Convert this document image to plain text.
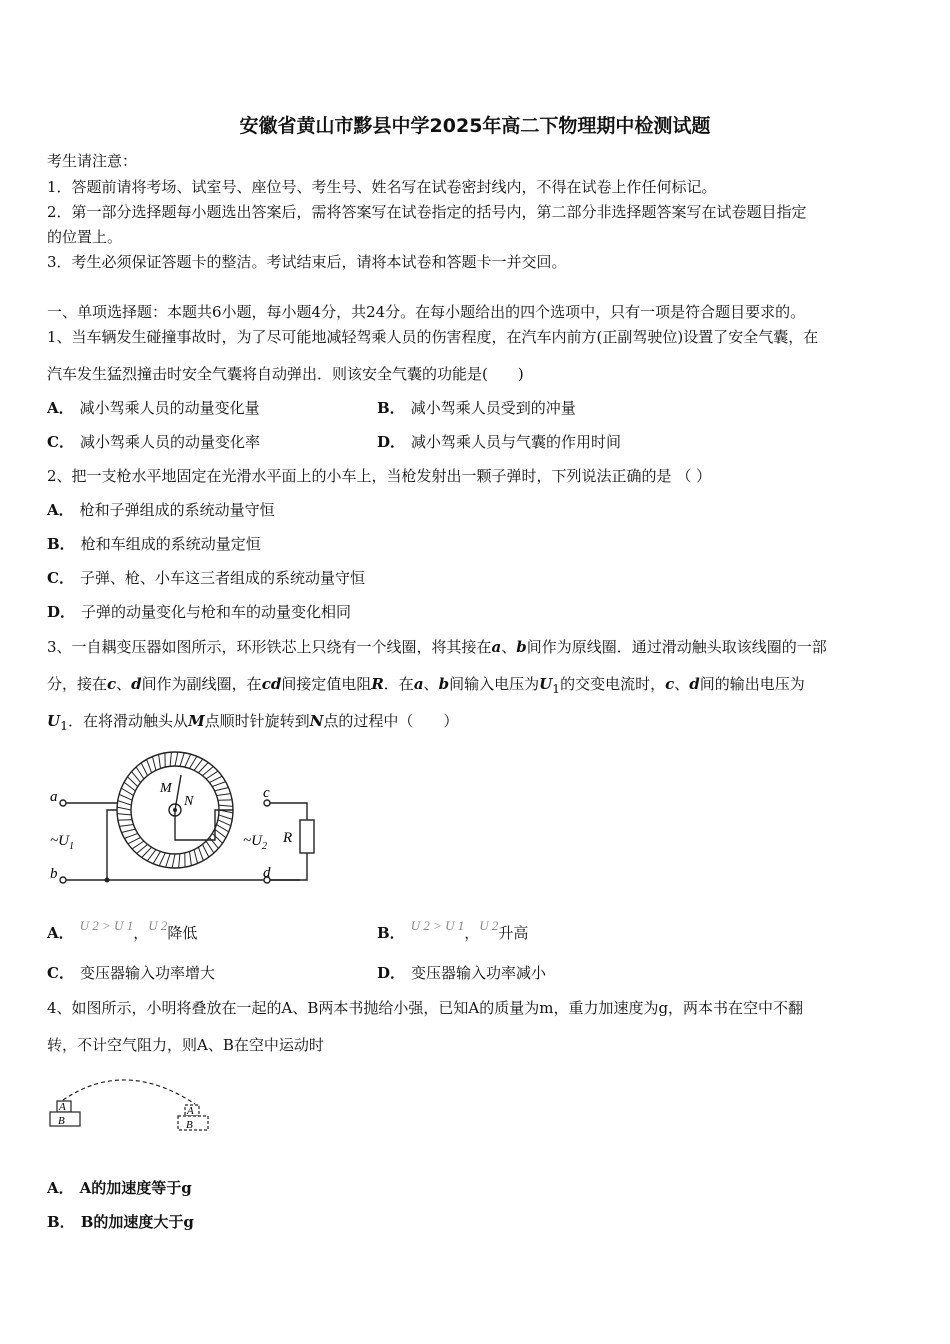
安徽省黄山市黟县中学2025年高二下物理期中检测试题
考生请注意：
1．答题前请将考场、试室号、座位号、考生号、姓名写在试卷密封线内，不得在试卷上作任何标记。
2．第一部分选择题每小题选出答案后，需将答案写在试卷指定的括号内，第二部分非选择题答案写在试卷题目指定
的位置上。
3．考生必须保证答题卡的整洁。考试结束后，请将本试卷和答题卡一并交回。
一、单项选择题：本题共6小题，每小题4分，共24分。在每小题给出的四个选项中，只有一项是符合题目要求的。
1、当车辆发生碰撞事故时，为了尽可能地减轻驾乘人员的伤害程度，在汽车内前方(正副驾驶位)设置了安全气囊，在
汽车发生猛烈撞击时安全气囊将自动弹出．则该安全气囊的功能是(　　)
A． 减小驾乘人员的动量变化量	B． 减小驾乘人员受到的冲量
C． 减小驾乘人员的动量变化率	D． 减小驾乘人员与气囊的作用时间
2、把一支枪水平地固定在光滑水平面上的小车上，当枪发射出一颗子弹时，下列说法正确的是 （ ）
A． 枪和子弹组成的系统动量守恒
B． 枪和车组成的系统动量定恒
C． 子弹、枪、小车这三者组成的系统动量守恒
D． 子弹的动量变化与枪和车的动量变化相同
3、一自耦变压器如图所示，环形铁芯上只绕有一个线圈，将其接在a、b间作为原线圈．通过滑动触头取该线圈的一部
分，接在c、d间作为副线圈，在cd间接定值电阻R．在a、b间输入电压为$U_1$的交变电流时，c、d间的输出电压为
$U_1$．在将滑动触头从M点顺时针旋转到N点的过程中（　　）
a
b
c
d
M
N
R
$\sim U_1$	$\sim U_2$
A． U 2 > U 1，U 2降低	B． U 2 > U 1，U 2升高
C． 变压器输入功率增大	D． 变压器输入功率减小
4、如图所示，小明将叠放在一起的A、B两本书抛给小强，已知A的质量为m，重力加速度为g，两本书在空中不翻
转，不计空气阻力，则A、B在空中运动时
A
B
A
B
A． A的加速度等于g
B． B的加速度大于g
